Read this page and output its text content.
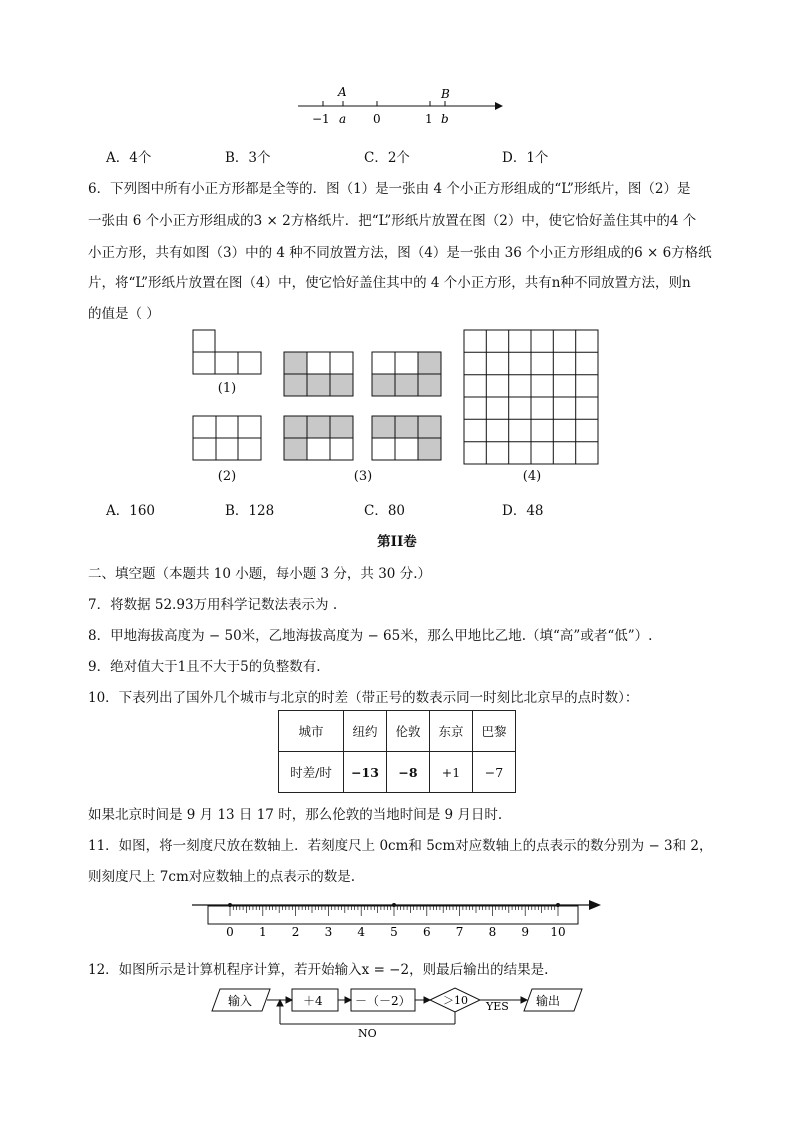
A	B
−1 a 0	1 b
A．4个	B．3个	C．2个	D．1个
6．下列图中所有小正方形都是全等的．图（1）是一张由 4 个小正方形组成的“L”形纸片，图（2）是
一张由 6 个小正方形组成的3 × 2方格纸片．把“L”形纸片放置在图（2）中，使它恰好盖住其中的4 个
小正方形，共有如图（3）中的 4 种不同放置方法，图（4）是一张由 36 个小正方形组成的6 × 6方格纸
片，将“L”形纸片放置在图（4）中，使它恰好盖住其中的 4 个小正方形，共有n种不同放置方法，则n
的值是（ ）
(1)
(2)	(3)	(4)
A．160	B．128	C．80	D．48
第II卷
二、填空题（本题共 10 小题，每小题 3 分，共 30 分.）
7．将数据 52.93万用科学记数法表示为 .
8．甲地海拔高度为 − 50米，乙地海拔高度为 − 65米，那么甲地比乙地.（填“高”或者“低”）.
9．绝对值大于1且不大于5的负整数有.
10．下表列出了国外几个城市与北京的时差（带正号的数表示同一时刻比北京早的点时数）：
城市	纽约	伦敦	东京	巴黎
时差/时	−13	−8	+1	−7
如果北京时间是 9 月 13 日 17 时，那么伦敦的当地时间是 9 月日时.
11．如图，将一刻度尺放在数轴上．若刻度尺上 0cm和 5cm对应数轴上的点表示的数分别为 − 3和 2，
则刻度尺上 7cm对应数轴上的点表示的数是.
0 1 2 3 4 5 6 7 8 9 10
12．如图所示是计算机程序计算，若开始输入x = −2，则最后输出的结果是.
输入	＋4	－（－2）	＞10 YES 输出
NO
